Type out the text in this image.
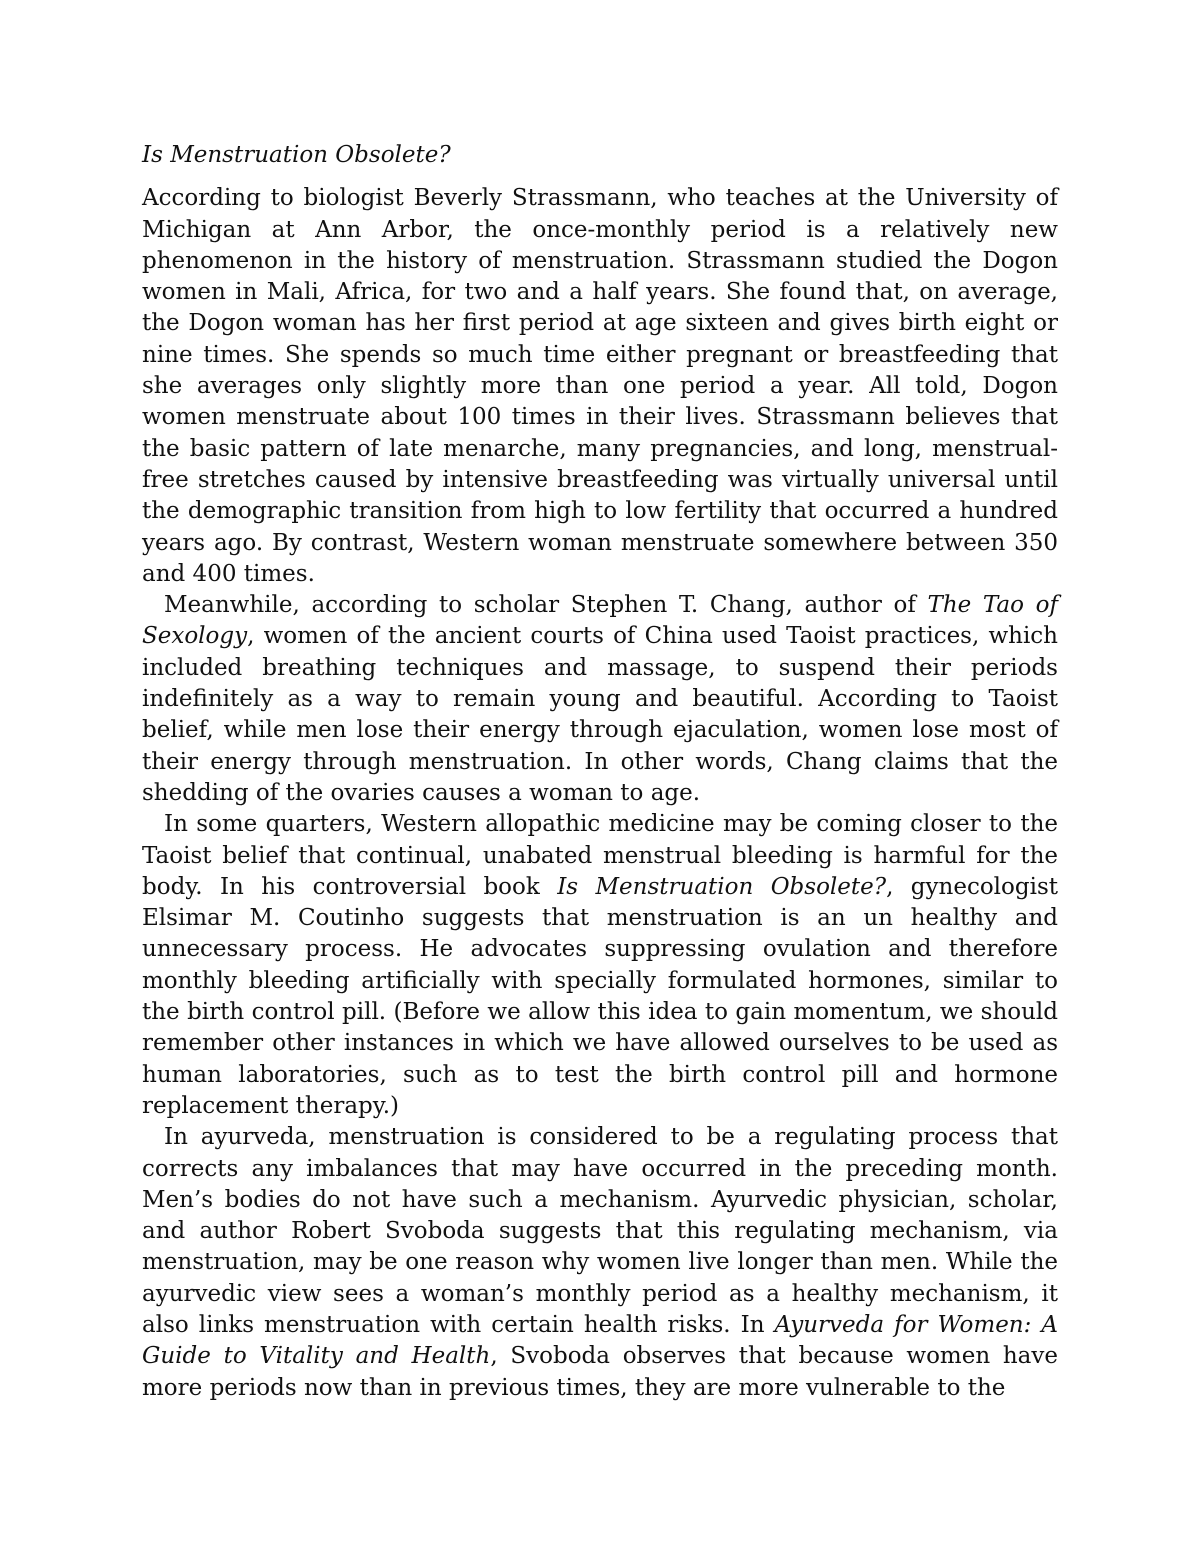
Is Menstruation Obsolete?

According to biologist Beverly Strassmann, who teaches at the University of Michigan at Ann Arbor, the once-monthly period is a relatively new phenomenon in the history of menstruation. Strassmann studied the Dogon women in Mali, Africa, for two and a half years. She found that, on average, the Dogon woman has her first period at age sixteen and gives birth eight or nine times. She spends so much time either pregnant or breastfeeding that she averages only slightly more than one period a year. All told, Dogon women menstruate about 100 times in their lives. Strassmann believes that the basic pattern of late menarche, many pregnancies, and long, menstrual-free stretches caused by intensive breastfeeding was virtually universal until the demographic transition from high to low fertility that occurred a hundred years ago. By contrast, Western woman menstruate somewhere between 350 and 400 times.

Meanwhile, according to scholar Stephen T. Chang, author of The Tao of Sexology, women of the ancient courts of China used Taoist practices, which included breathing techniques and massage, to suspend their periods indefinitely as a way to remain young and beautiful. According to Taoist belief, while men lose their energy through ejaculation, women lose most of their energy through menstruation. In other words, Chang claims that the shedding of the ovaries causes a woman to age.

In some quarters, Western allopathic medicine may be coming closer to the Taoist belief that continual, unabated menstrual bleeding is harmful for the body. In his controversial book Is Menstruation Obsolete?, gynecologist Elsimar M. Coutinho suggests that menstruation is an un healthy and unnecessary process. He advocates suppressing ovulation and therefore monthly bleeding artificially with specially formulated hormones, similar to the birth control pill. (Before we allow this idea to gain momentum, we should remember other instances in which we have allowed ourselves to be used as human laboratories, such as to test the birth control pill and hormone replacement therapy.)

In ayurveda, menstruation is considered to be a regulating process that corrects any imbalances that may have occurred in the preceding month. Men’s bodies do not have such a mechanism. Ayurvedic physician, scholar, and author Robert Svoboda suggests that this regulating mechanism, via menstruation, may be one reason why women live longer than men. While the ayurvedic view sees a woman’s monthly period as a healthy mechanism, it also links menstruation with certain health risks. In Ayurveda for Women: A Guide to Vitality and Health, Svoboda observes that because women have more periods now than in previous times, they are more vulnerable to the
